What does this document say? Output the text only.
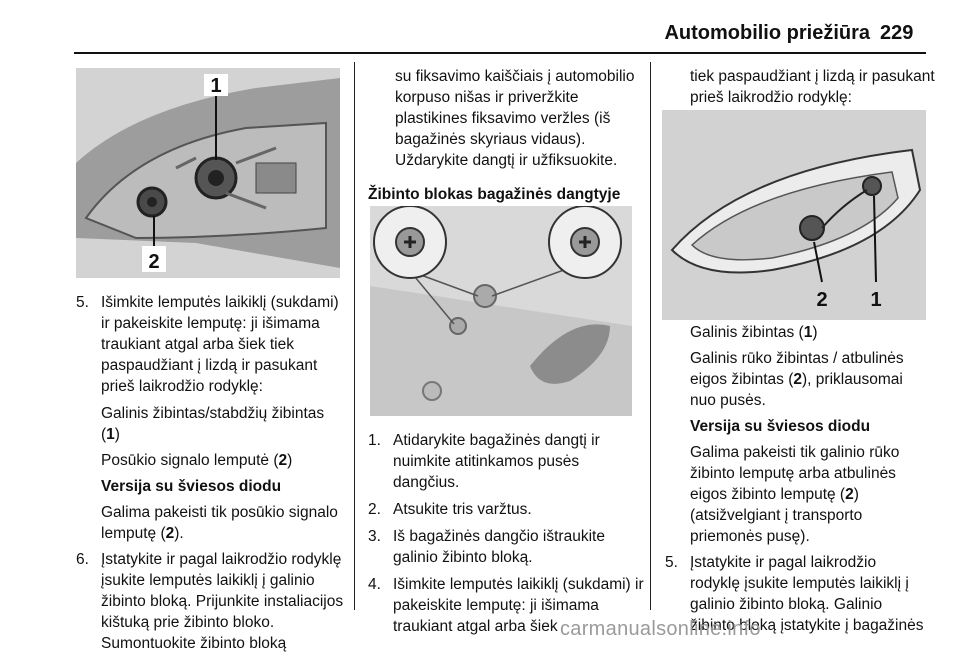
Automobilio priežiūra 229
1
2
2 1
5. Išimkite lemputės laikiklį (sukdami) ir pakeiskite lemputę: ji išimama traukiant atgal arba šiek tiek paspaudžiant į lizdą ir pasukant prieš laikrodžio rodyklę:
Galinis žibintas/stabdžių žibintas (1)
Posūkio signalo lemputė (2)
Versija su šviesos diodu
Galima pakeisti tik posūkio signalo lemputę (2).
6. Įstatykite ir pagal laikrodžio rodyklę įsukite lemputės laikiklį į galinio žibinto bloką. Prijunkite instaliacijos kištuką prie žibinto bloko. Sumontuokite žibinto bloką
su fiksavimo kaiščiais į automobilio korpuso nišas ir priveržkite plastikines fiksavimo veržles (iš bagažinės skyriaus vidaus). Uždarykite dangtį ir užfiksuokite.
Žibinto blokas bagažinės dangtyje
1. Atidarykite bagažinės dangtį ir nuimkite atitinkamos pusės dangčius.
2. Atsukite tris varžtus.
3. Iš bagažinės dangčio ištraukite galinio žibinto bloką.
4. Išimkite lemputės laikiklį (sukdami) ir pakeiskite lemputę: ji išimama traukiant atgal arba šiek
tiek paspaudžiant į lizdą ir pasukant prieš laikrodžio rodyklę:
Galinis žibintas (1)
Galinis rūko žibintas / atbulinės eigos žibintas (2), priklausomai nuo pusės.
Versija su šviesos diodu
Galima pakeisti tik galinio rūko žibinto lemputę arba atbulinės eigos žibinto lemputę (2) (atsižvelgiant į transporto priemonės pusę).
5. Įstatykite ir pagal laikrodžio rodyklę įsukite lemputės laikiklį į galinio žibinto bloką. Galinio žibinto bloką įstatykite į bagažinės
carmanualsonline.info
